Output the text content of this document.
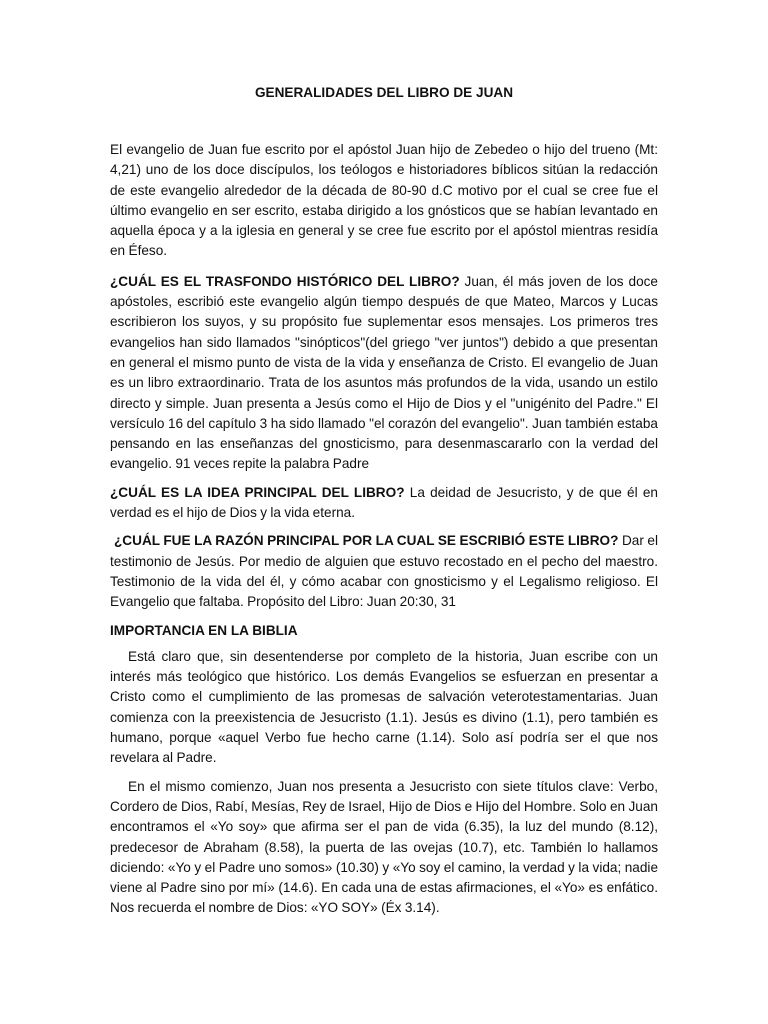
GENERALIDADES DEL LIBRO DE JUAN

El evangelio de Juan fue escrito por el apóstol Juan hijo de Zebedeo o hijo del trueno (Mt: 4,21) uno de los doce discípulos, los teólogos e historiadores bíblicos sitúan la redacción de este evangelio alrededor de la década de 80-90 d.C motivo por el cual se cree fue el último evangelio en ser escrito, estaba dirigido a los gnósticos que se habían levantado en aquella época y a la iglesia en general y se cree fue escrito por el apóstol mientras residía en Éfeso.

¿CUÁL ES EL TRASFONDO HISTÓRICO DEL LIBRO? Juan, él más joven de los doce apóstoles, escribió este evangelio algún tiempo después de que Mateo, Marcos y Lucas escribieron los suyos, y su propósito fue suplementar esos mensajes. Los primeros tres evangelios han sido llamados "sinópticos"(del griego "ver juntos") debido a que presentan en general el mismo punto de vista de la vida y enseñanza de Cristo. El evangelio de Juan es un libro extraordinario. Trata de los asuntos más profundos de la vida, usando un estilo directo y simple. Juan presenta a Jesús como el Hijo de Dios y el "unigénito del Padre." El versículo 16 del capítulo 3 ha sido llamado "el corazón del evangelio". Juan también estaba pensando en las enseñanzas del gnosticismo, para desenmascararlo con la verdad del evangelio. 91 veces repite la palabra Padre

¿CUÁL ES LA IDEA PRINCIPAL DEL LIBRO? La deidad de Jesucristo, y de que él en verdad es el hijo de Dios y la vida eterna.

¿CUÁL FUE LA RAZÓN PRINCIPAL POR LA CUAL SE ESCRIBIÓ ESTE LIBRO? Dar el testimonio de Jesús. Por medio de alguien que estuvo recostado en el pecho del maestro. Testimonio de la vida del él, y cómo acabar con gnosticismo y el Legalismo religioso. El Evangelio que faltaba. Propósito del Libro: Juan 20:30, 31

IMPORTANCIA EN LA BIBLIA

Está claro que, sin desentenderse por completo de la historia, Juan escribe con un interés más teológico que histórico. Los demás Evangelios se esfuerzan en presentar a Cristo como el cumplimiento de las promesas de salvación veterotestamentarias. Juan comienza con la preexistencia de Jesucristo (1.1). Jesús es divino (1.1), pero también es humano, porque «aquel Verbo fue hecho carne (1.14). Solo así podría ser el que nos revelara al Padre.

En el mismo comienzo, Juan nos presenta a Jesucristo con siete títulos clave: Verbo, Cordero de Dios, Rabí, Mesías, Rey de Israel, Hijo de Dios e Hijo del Hombre. Solo en Juan encontramos el «Yo soy» que afirma ser el pan de vida (6.35), la luz del mundo (8.12), predecesor de Abraham (8.58), la puerta de las ovejas (10.7), etc. También lo hallamos diciendo: «Yo y el Padre uno somos» (10.30) y «Yo soy el camino, la verdad y la vida; nadie viene al Padre sino por mí» (14.6). En cada una de estas afirmaciones, el «Yo» es enfático. Nos recuerda el nombre de Dios: «YO SOY» (Éx 3.14).
